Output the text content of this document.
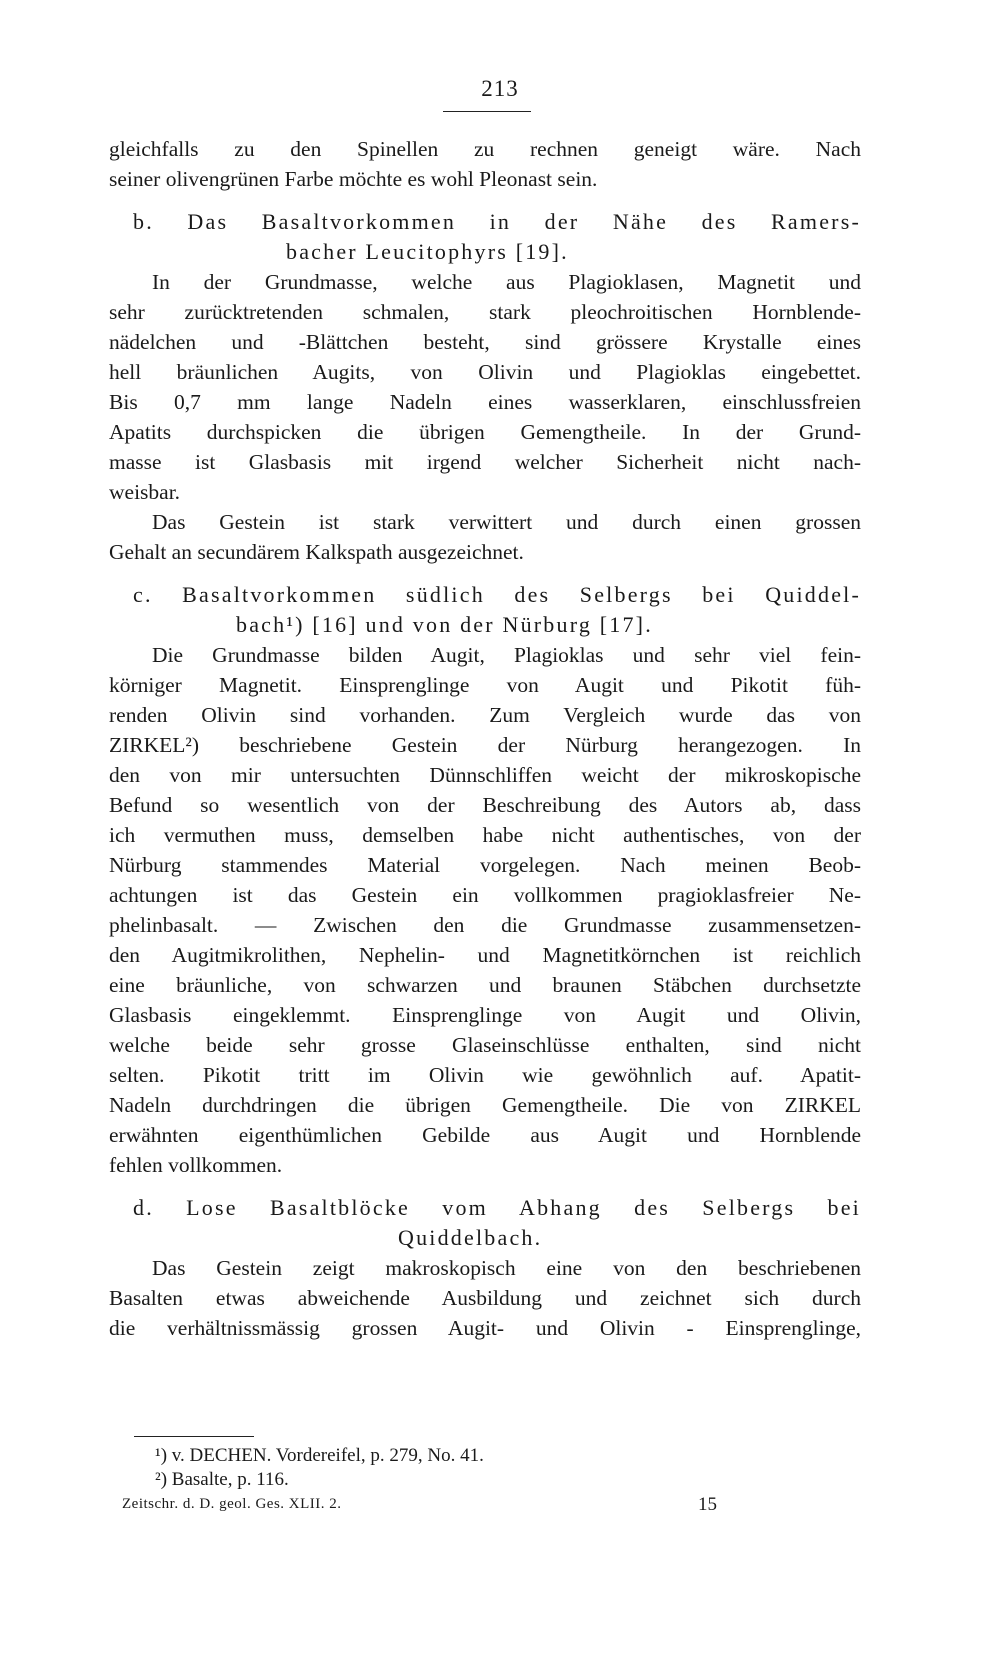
213
gleichfalls zu den Spinellen zu rechnen geneigt wäre. Nach
seiner olivengrünen Farbe möchte es wohl Pleonast sein.
b. Das Basaltvorkommen in der Nähe des Ramers-
bacher Leucitophyrs [19].
In der Grundmasse, welche aus Plagioklasen, Magnetit und
sehr zurücktretenden schmalen, stark pleochroitischen Hornblende-
nädelchen und -Blättchen besteht, sind grössere Krystalle eines
hell bräunlichen Augits, von Olivin und Plagioklas eingebettet.
Bis 0,7 mm lange Nadeln eines wasserklaren, einschlussfreien
Apatits durchspicken die übrigen Gemengtheile. In der Grund-
masse ist Glasbasis mit irgend welcher Sicherheit nicht nach-
weisbar.
Das Gestein ist stark verwittert und durch einen grossen
Gehalt an secundärem Kalkspath ausgezeichnet.
c. Basaltvorkommen südlich des Selbergs bei Quiddel-
bach¹) [16] und von der Nürburg [17].
Die Grundmasse bilden Augit, Plagioklas und sehr viel fein-
körniger Magnetit. Einsprenglinge von Augit und Pikotit füh-
renden Olivin sind vorhanden. Zum Vergleich wurde das von
ZIRKEL²) beschriebene Gestein der Nürburg herangezogen. In
den von mir untersuchten Dünnschliffen weicht der mikroskopische
Befund so wesentlich von der Beschreibung des Autors ab, dass
ich vermuthen muss, demselben habe nicht authentisches, von der
Nürburg stammendes Material vorgelegen. Nach meinen Beob-
achtungen ist das Gestein ein vollkommen pragioklasfreier Ne-
phelinbasalt. — Zwischen den die Grundmasse zusammensetzen-
den Augitmikrolithen, Nephelin- und Magnetitkörnchen ist reichlich
eine bräunliche, von schwarzen und braunen Stäbchen durchsetzte
Glasbasis eingeklemmt. Einsprenglinge von Augit und Olivin,
welche beide sehr grosse Glaseinschlüsse enthalten, sind nicht
selten. Pikotit tritt im Olivin wie gewöhnlich auf. Apatit-
Nadeln durchdringen die übrigen Gemengtheile. Die von ZIRKEL
erwähnten eigenthümlichen Gebilde aus Augit und Hornblende
fehlen vollkommen.
d. Lose Basaltblöcke vom Abhang des Selbergs bei
Quiddelbach.
Das Gestein zeigt makroskopisch eine von den beschriebenen
Basalten etwas abweichende Ausbildung und zeichnet sich durch
die verhältnissmässig grossen Augit- und Olivin - Einsprenglinge,
¹) v. DECHEN. Vordereifel, p. 279, No. 41.
²) Basalte, p. 116.
Zeitschr. d. D. geol. Ges. XLII. 2.	15
